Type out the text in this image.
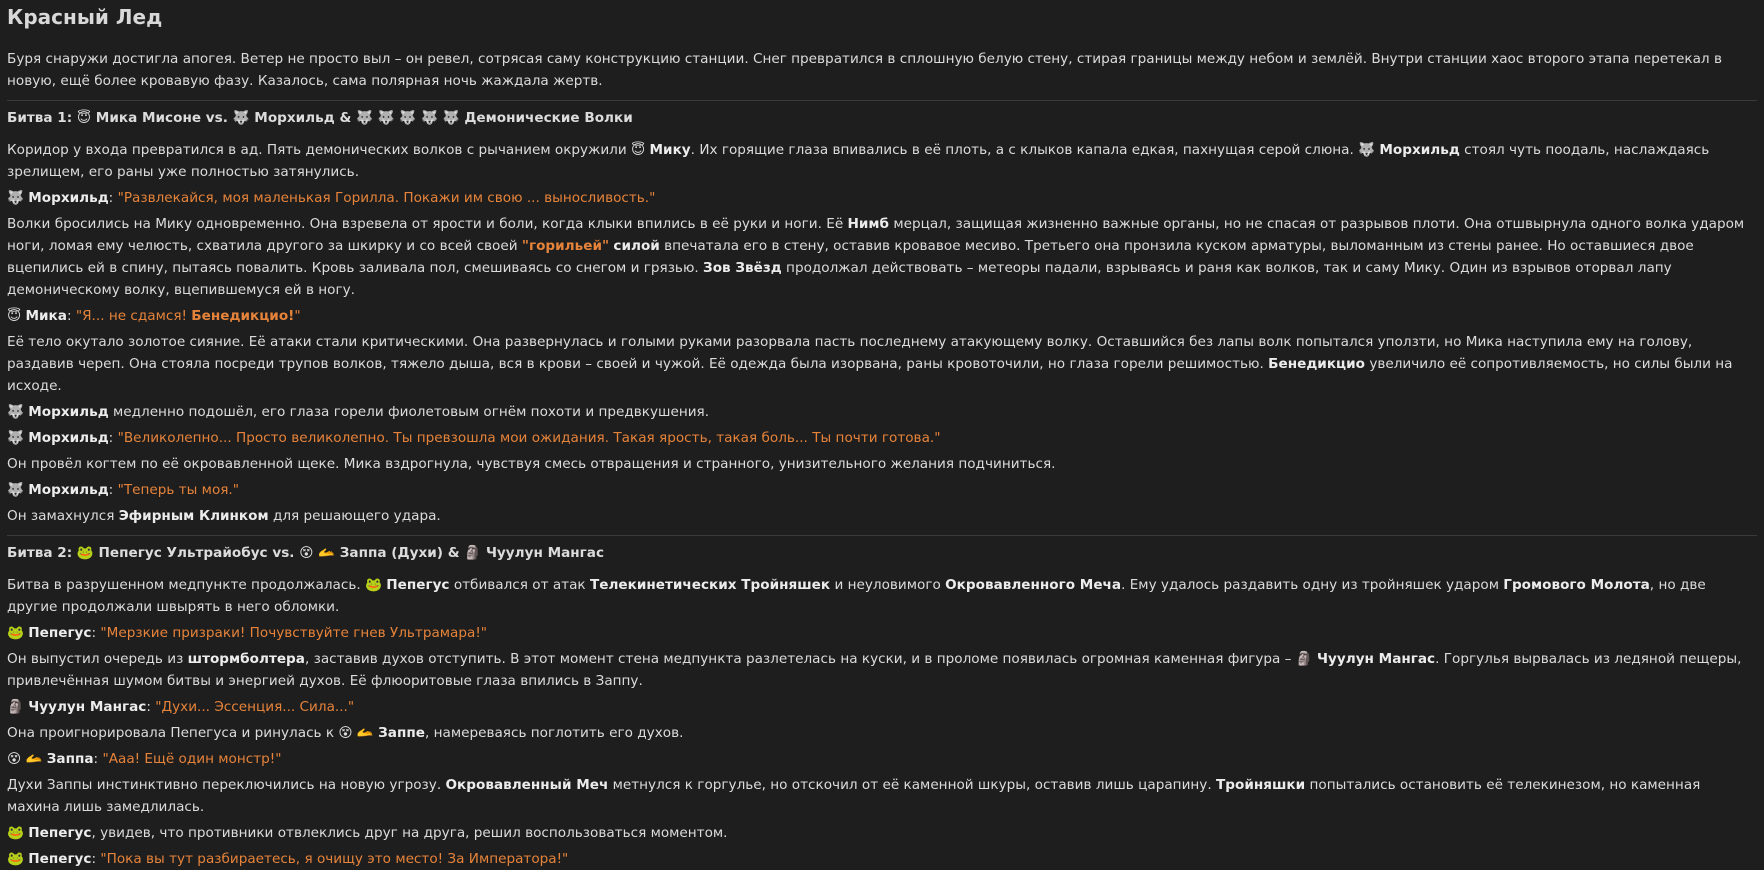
Красный Лед

Буря снаружи достигла апогея. Ветер не просто выл – он ревел, сотрясая саму конструкцию станции. Снег превратился в сплошную белую стену, стирая границы между небом и землёй. Внутри станции хаос второго этапа перетекал в новую, ещё более кровавую фазу. Казалось, сама полярная ночь жаждала жертв.

Битва 1: 😇 Мика Мисоне vs. 🐺 Морхильд & 🐺 🐺 🐺 🐺 🐺 Демонические Волки

Коридор у входа превратился в ад. Пять демонических волков с рычанием окружили 😇 Мику. Их горящие глаза впивались в её плоть, а с клыков капала едкая, пахнущая серой слюна. 🐺 Морхильд стоял чуть поодаль, наслаждаясь зрелищем, его раны уже полностью затянулись.

🐺 Морхильд: "Развлекайся, моя маленькая Горилла. Покажи им свою ... выносливость."

Волки бросились на Мику одновременно. Она взревела от ярости и боли, когда клыки впились в её руки и ноги. Её Нимб мерцал, защищая жизненно важные органы, но не спасая от разрывов плоти. Она отшвырнула одного волка ударом ноги, ломая ему челюсть, схватила другого за шкирку и со всей своей "горильей" силой впечатала его в стену, оставив кровавое месиво. Третьего она пронзила куском арматуры, выломанным из стены ранее. Но оставшиеся двое вцепились ей в спину, пытаясь повалить. Кровь заливала пол, смешиваясь со снегом и грязью. Зов Звёзд продолжал действовать – метеоры падали, взрываясь и раня как волков, так и саму Мику. Один из взрывов оторвал лапу демоническому волку, вцепившемуся ей в ногу.

😇 Мика: "Я... не сдамся! Бенедикцио!"

Её тело окутало золотое сияние. Её атаки стали критическими. Она развернулась и голыми руками разорвала пасть последнему атакующему волку. Оставшийся без лапы волк попытался уползти, но Мика наступила ему на голову, раздавив череп. Она стояла посреди трупов волков, тяжело дыша, вся в крови – своей и чужой. Её одежда была изорвана, раны кровоточили, но глаза горели решимостью. Бенедикцио увеличило её сопротивляемость, но силы были на исходе.

🐺 Морхильд медленно подошёл, его глаза горели фиолетовым огнём похоти и предвкушения.

🐺 Морхильд: "Великолепно... Просто великолепно. Ты превзошла мои ожидания. Такая ярость, такая боль... Ты почти готова."

Он провёл когтем по её окровавленной щеке. Мика вздрогнула, чувствуя смесь отвращения и странного, унизительного желания подчиниться.

🐺 Морхильд: "Теперь ты моя."

Он замахнулся Эфирным Клинком для решающего удара.

Битва 2: 🐸 Пепегус Ультрайобус vs. 😵 🫴 Заппа (Духи) & 🗿 Чуулун Мангас

Битва в разрушенном медпункте продолжалась. 🐸 Пепегус отбивался от атак Телекинетических Тройняшек и неуловимого Окровавленного Меча. Ему удалось раздавить одну из тройняшек ударом Громового Молота, но две другие продолжали швырять в него обломки.

🐸 Пепегус: "Мерзкие призраки! Почувствуйте гнев Ультрамара!"

Он выпустил очередь из штормболтера, заставив духов отступить. В этот момент стена медпункта разлетелась на куски, и в проломе появилась огромная каменная фигура – 🗿 Чуулун Мангас. Горгулья вырвалась из ледяной пещеры, привлечённая шумом битвы и энергией духов. Её флюоритовые глаза впились в Заппу.

🗿 Чуулун Мангас: "Духи... Эссенция... Сила..."

Она проигнорировала Пепегуса и ринулась к 😵 🫴 Заппе, намереваясь поглотить его духов.

😵 🫴 Заппа: "Ааа! Ещё один монстр!"

Духи Заппы инстинктивно переключились на новую угрозу. Окровавленный Меч метнулся к горгулье, но отскочил от её каменной шкуры, оставив лишь царапину. Тройняшки попытались остановить её телекинезом, но каменная махина лишь замедлилась.

🐸 Пепегус, увидев, что противники отвлеклись друг на друга, решил воспользоваться моментом.

🐸 Пепегус: "Пока вы тут разбираетесь, я очищу это место! За Императора!"
